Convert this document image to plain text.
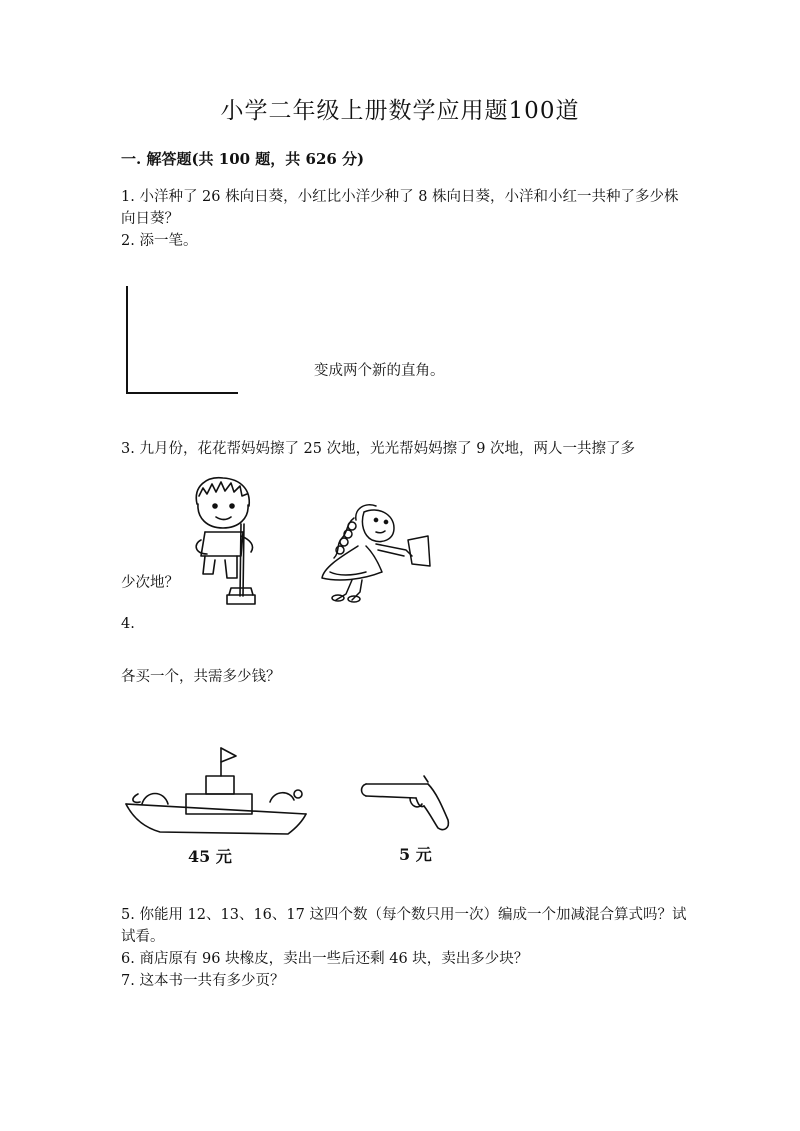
小学二年级上册数学应用题100道
一. 解答题(共 100 题，共 626 分)
1. 小洋种了 26 株向日葵，小红比小洋少种了 8 株向日葵，小洋和小红一共种了多少株向日葵？
2. 添一笔。
变成两个新的直角。
3. 九月份，花花帮妈妈擦了 25 次地，光光帮妈妈擦了 9 次地，两人一共擦了多
少次地？
4.
各买一个，共需多少钱？
45 元	5 元
5. 你能用 12、13、16、17 这四个数（每个数只用一次）编成一个加减混合算式吗？试试看。
6. 商店原有 96 块橡皮，卖出一些后还剩 46 块，卖出多少块？
7. 这本书一共有多少页？
